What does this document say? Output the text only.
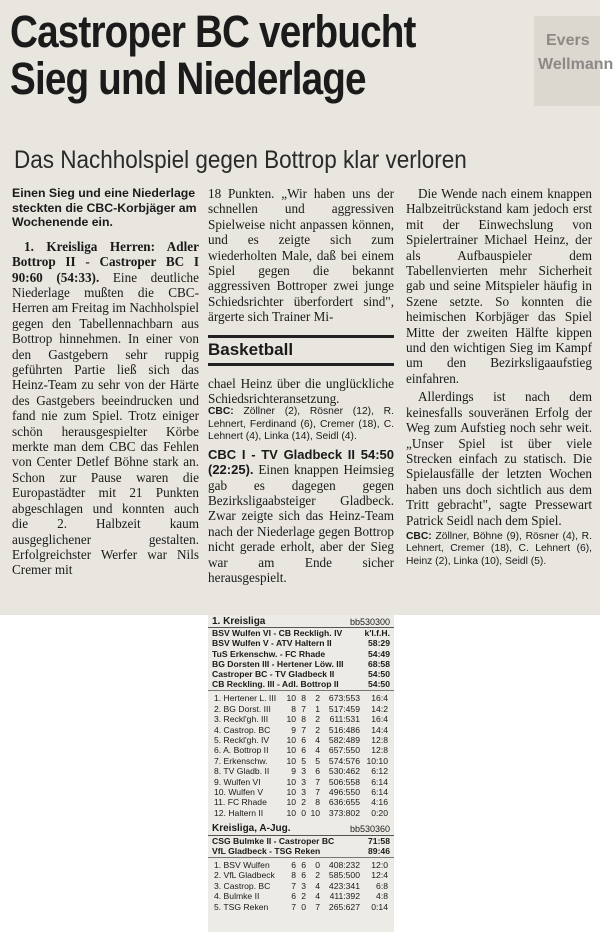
Evers
Wellmann
Castroper BC verbucht
Sieg und Niederlage
Das Nachholspiel gegen Bottrop klar verloren

Einen Sieg und eine Niederlage steckten die CBC-Korbjäger am Wochenende ein.

1. Kreisliga Herren: Adler Bottrop II - Castroper BC I 90:60 (54:33). Eine deutliche Niederlage mußten die CBC-Herren am Freitag im Nachholspiel gegen den Tabellennachbarn aus Bottrop hinnehmen. In einer von den Gastgebern sehr ruppig geführten Partie ließ sich das Heinz-Team zu sehr von der Härte des Gastgebers beeindrucken und fand nie zum Spiel. Trotz einiger schön herausgespielter Körbe merkte man dem CBC das Fehlen von Center Detlef Böhne stark an. Schon zur Pause waren die Europastädter mit 21 Punkten abgeschlagen und konnten auch die 2. Halbzeit kaum ausgeglichener gestalten. Erfolgreichster Werfer war Nils Cremer mit

18 Punkten. „Wir haben uns der schnellen und aggressiven Spielweise nicht anpassen können, und es zeigte sich zum wiederholten Male, daß bei einem Spiel gegen die bekannt aggressiven Bottroper zwei junge Schiedsrichter überfordert sind", ärgerte sich Trainer Mi-

Basketball

chael Heinz über die unglückliche Schiedsrichteransetzung.

CBC: Zöllner (2), Rösner (12), R. Lehnert, Ferdinand (6), Cremer (18), C. Lehnert (4), Linka (14), Seidl (4).

CBC I - TV Gladbeck II 54:50 (22:25). Einen knappen Heimsieg gab es dagegen gegen Bezirksligaabsteiger Gladbeck. Zwar zeigte sich das Heinz-Team nach der Niederlage gegen Bottrop nicht gerade erholt, aber der Sieg war am Ende sicher herausgespielt.

Die Wende nach einem knappen Halbzeitrückstand kam jedoch erst mit der Einwechslung von Spielertrainer Michael Heinz, der als Aufbauspieler dem Tabellenvierten mehr Sicherheit gab und seine Mitspieler häufig in Szene setzte. So konnten die heimischen Korbjäger das Spiel Mitte der zweiten Hälfte kippen und den wichtigen Sieg im Kampf um den Bezirksligaaufstieg einfahren.

Allerdings ist nach dem keinesfalls souveränen Erfolg der Weg zum Aufstieg noch sehr weit. „Unser Spiel ist über viele Strecken einfach zu statisch. Die Spielausfälle der letzten Wochen haben uns doch sichtlich aus dem Tritt gebracht", sagte Pressewart Patrick Seidl nach dem Spiel.

CBC: Zöllner, Böhne (9), Rösner (4), R. Lehnert, Cremer (18), C. Lehnert (6), Heinz (2), Linka (10), Seidl (5).

1. Kreisliga	bb530300
BSV Wulfen VI - CB Reckligh. IV	k'l.f.H.
BSV Wulfen V - ATV Haltern II	58:29
TuS Erkenschw. - FC Rhade	54:49
BG Dorsten III - Hertener Löw. III	68:58
Castroper BC - TV Gladbeck II	54:50
CB Reckling. III - Adl. Bottrop II	54:50
1. Hertener L. III	10 8	2	673:553	16:4
2. BG Dorst. III	8 7	1	517:459	14:2
3. Reckl'gh. III	10 8	2	611:531	16:4
4. Castrop. BC	9 7	2	516:486	14:4
5. Reckl'gh. IV	10 6	4	582:489	12:8
6. A. Bottrop II	10 6	4	657:550	12:8
7. Erkenschw.	10 5	5	574:576 10:10
8. TV Gladb. II	9 3	6	530:462	6:12
9. Wulfen VI	10 3	7	506:558	6:14
10. Wulfen V	10 3	7	496:550	6:14
11. FC Rhade	10 2	8	636:655	4:16
12. Haltern II	10 0 10	373:802	0:20
Kreisliga, A-Jug.	bb530360
CSG Bulmke II - Castroper BC	71:58
VfL Gladbeck - TSG Reken	89:46
1. BSV Wulfen	6 6	0	408:232	12:0
2. VfL Gladbeck	8 6	2	585:500	12:4
3. Castrop. BC	7 3	4	423:341	6:8
4. Bulmke II	6 2	4	411:392	4:8
5. TSG Reken	7 0	7	265:627	0:14
